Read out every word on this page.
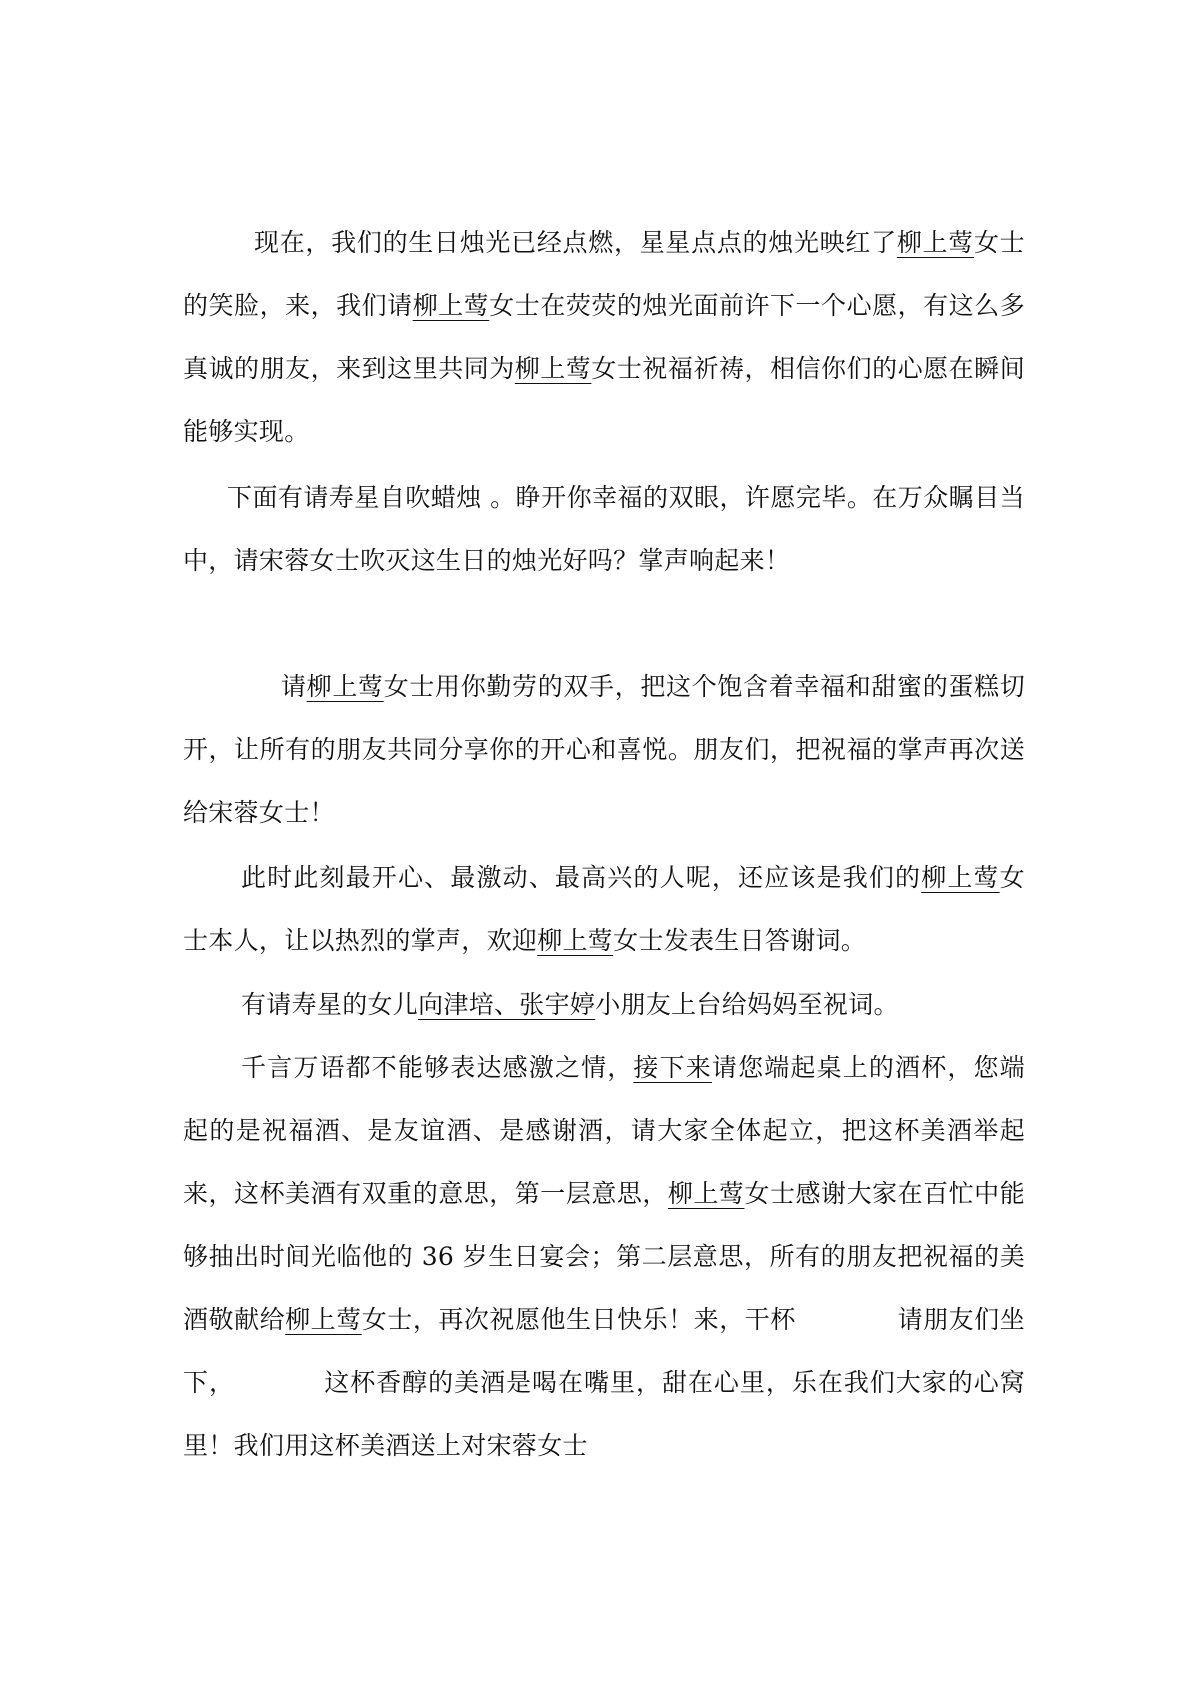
现在，我们的生日烛光已经点燃，星星点点的烛光映红了柳上莺女士的笑脸，来，我们请柳上莺女士在荧荧的烛光面前许下一个心愿，有这么多真诚的朋友，来到这里共同为柳上莺女士祝福祈祷，相信你们的心愿在瞬间能够实现。
下面有请寿星自吹蜡烛 。睁开你幸福的双眼，许愿完毕。在万众瞩目当中，请宋蓉女士吹灭这生日的烛光好吗？掌声响起来！
请柳上莺女士用你勤劳的双手，把这个饱含着幸福和甜蜜的蛋糕切开，让所有的朋友共同分享你的开心和喜悦。朋友们，把祝福的掌声再次送给宋蓉女士！
此时此刻最开心、最激动、最高兴的人呢，还应该是我们的柳上莺女士本人，让以热烈的掌声，欢迎柳上莺女士发表生日答谢词。
有请寿星的女儿向津培、张宇婷小朋友上台给妈妈至祝词。
千言万语都不能够表达感激之情，接下来请您端起桌上的酒杯，您端起的是祝福酒、是友谊酒、是感谢酒，请大家全体起立，把这杯美酒举起来，这杯美酒有双重的意思，第一层意思，柳上莺女士感谢大家在百忙中能够抽出时间光临他的 36 岁生日宴会；第二层意思，所有的朋友把祝福的美酒敬献给柳上莺女士，再次祝愿他生日快乐！来，干杯            请朋友们坐下，          这杯香醇的美酒是喝在嘴里，甜在心里，乐在我们大家的心窝里！我们用这杯美酒送上对宋蓉女士
